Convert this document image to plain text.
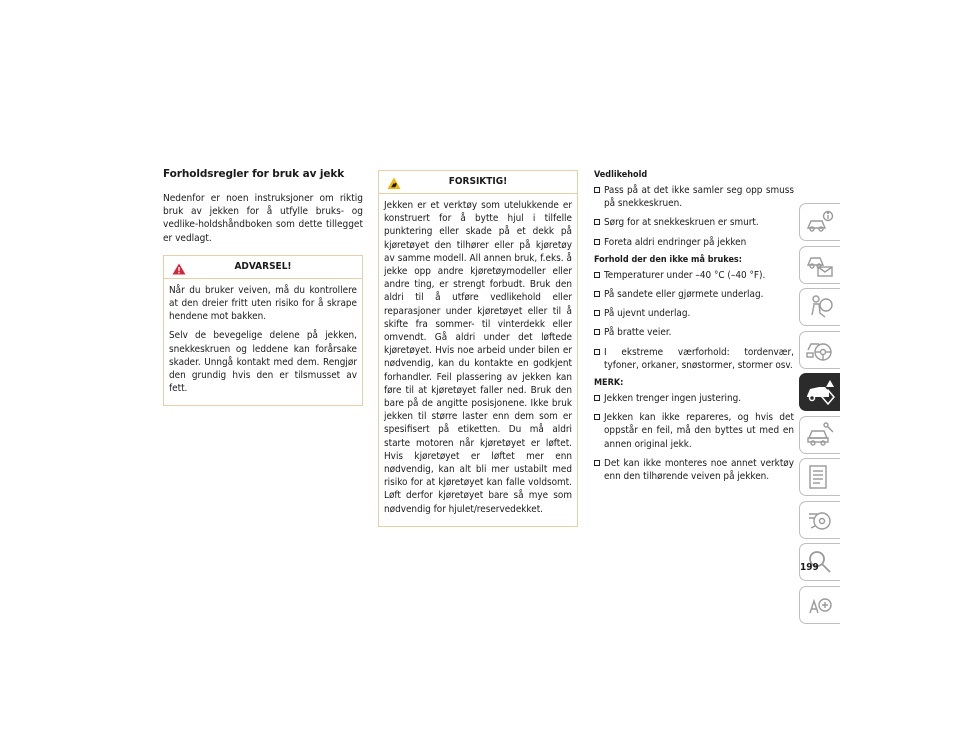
Forholdsregler for bruk av jekk
Nedenfor er noen instruksjoner om riktig bruk av jekken for å utfylle bruks- og vedlike-holdshåndboken som dette tillegget er vedlagt.
ADVARSEL!

Når du bruker veiven, må du kontrollere at den dreier fritt uten risiko for å skrape hendene mot bakken.

Selv de bevegelige delene på jekken, snekkeskruen og leddene kan forårsake skader. Unngå kontakt med dem. Rengjør den grundig hvis den er tilsmusset av fett.

FORSIKTIG!

Jekken er et verktøy som utelukkende er konstruert for å bytte hjul i tilfelle punktering eller skade på et dekk på kjøretøyet den tilhører eller på kjøretøy av samme modell. All annen bruk, f.eks. å jekke opp andre kjøretøymodeller eller andre ting, er strengt forbudt. Bruk den aldri til å utføre vedlikehold eller reparasjoner under kjøretøyet eller til å skifte fra sommer- til vinterdekk eller omvendt. Gå aldri under det løftede kjøretøyet. Hvis noe arbeid under bilen er nødvendig, kan du kontakte en godkjent forhandler. Feil plassering av jekken kan føre til at kjøretøyet faller ned. Bruk den bare på de angitte posisjonene. Ikke bruk jekken til større laster enn dem som er spesifisert på etiketten. Du må aldri starte motoren når kjøretøyet er løftet. Hvis kjøretøyet er løftet mer enn nødvendig, kan alt bli mer ustabilt med risiko for at kjøretøyet kan falle voldsomt. Løft derfor kjøretøyet bare så mye som nødvendig for hjulet/reservedekket.

Vedlikehold
Pass på at det ikke samler seg opp smuss på snekkeskruen.
Sørg for at snekkeskruen er smurt.
Foreta aldri endringer på jekken
Forhold der den ikke må brukes:
Temperaturer under –40 °C (–40 °F).
På sandete eller gjørmete underlag.
På ujevnt underlag.
På bratte veier.
I ekstreme værforhold: tordenvær, tyfoner, orkaner, snøstormer, stormer osv.
MERK:
Jekken trenger ingen justering.
Jekken kan ikke repareres, og hvis det oppstår en feil, må den byttes ut med en annen original jekk.
Det kan ikke monteres noe annet verktøy enn den tilhørende veiven på jekken.
199
